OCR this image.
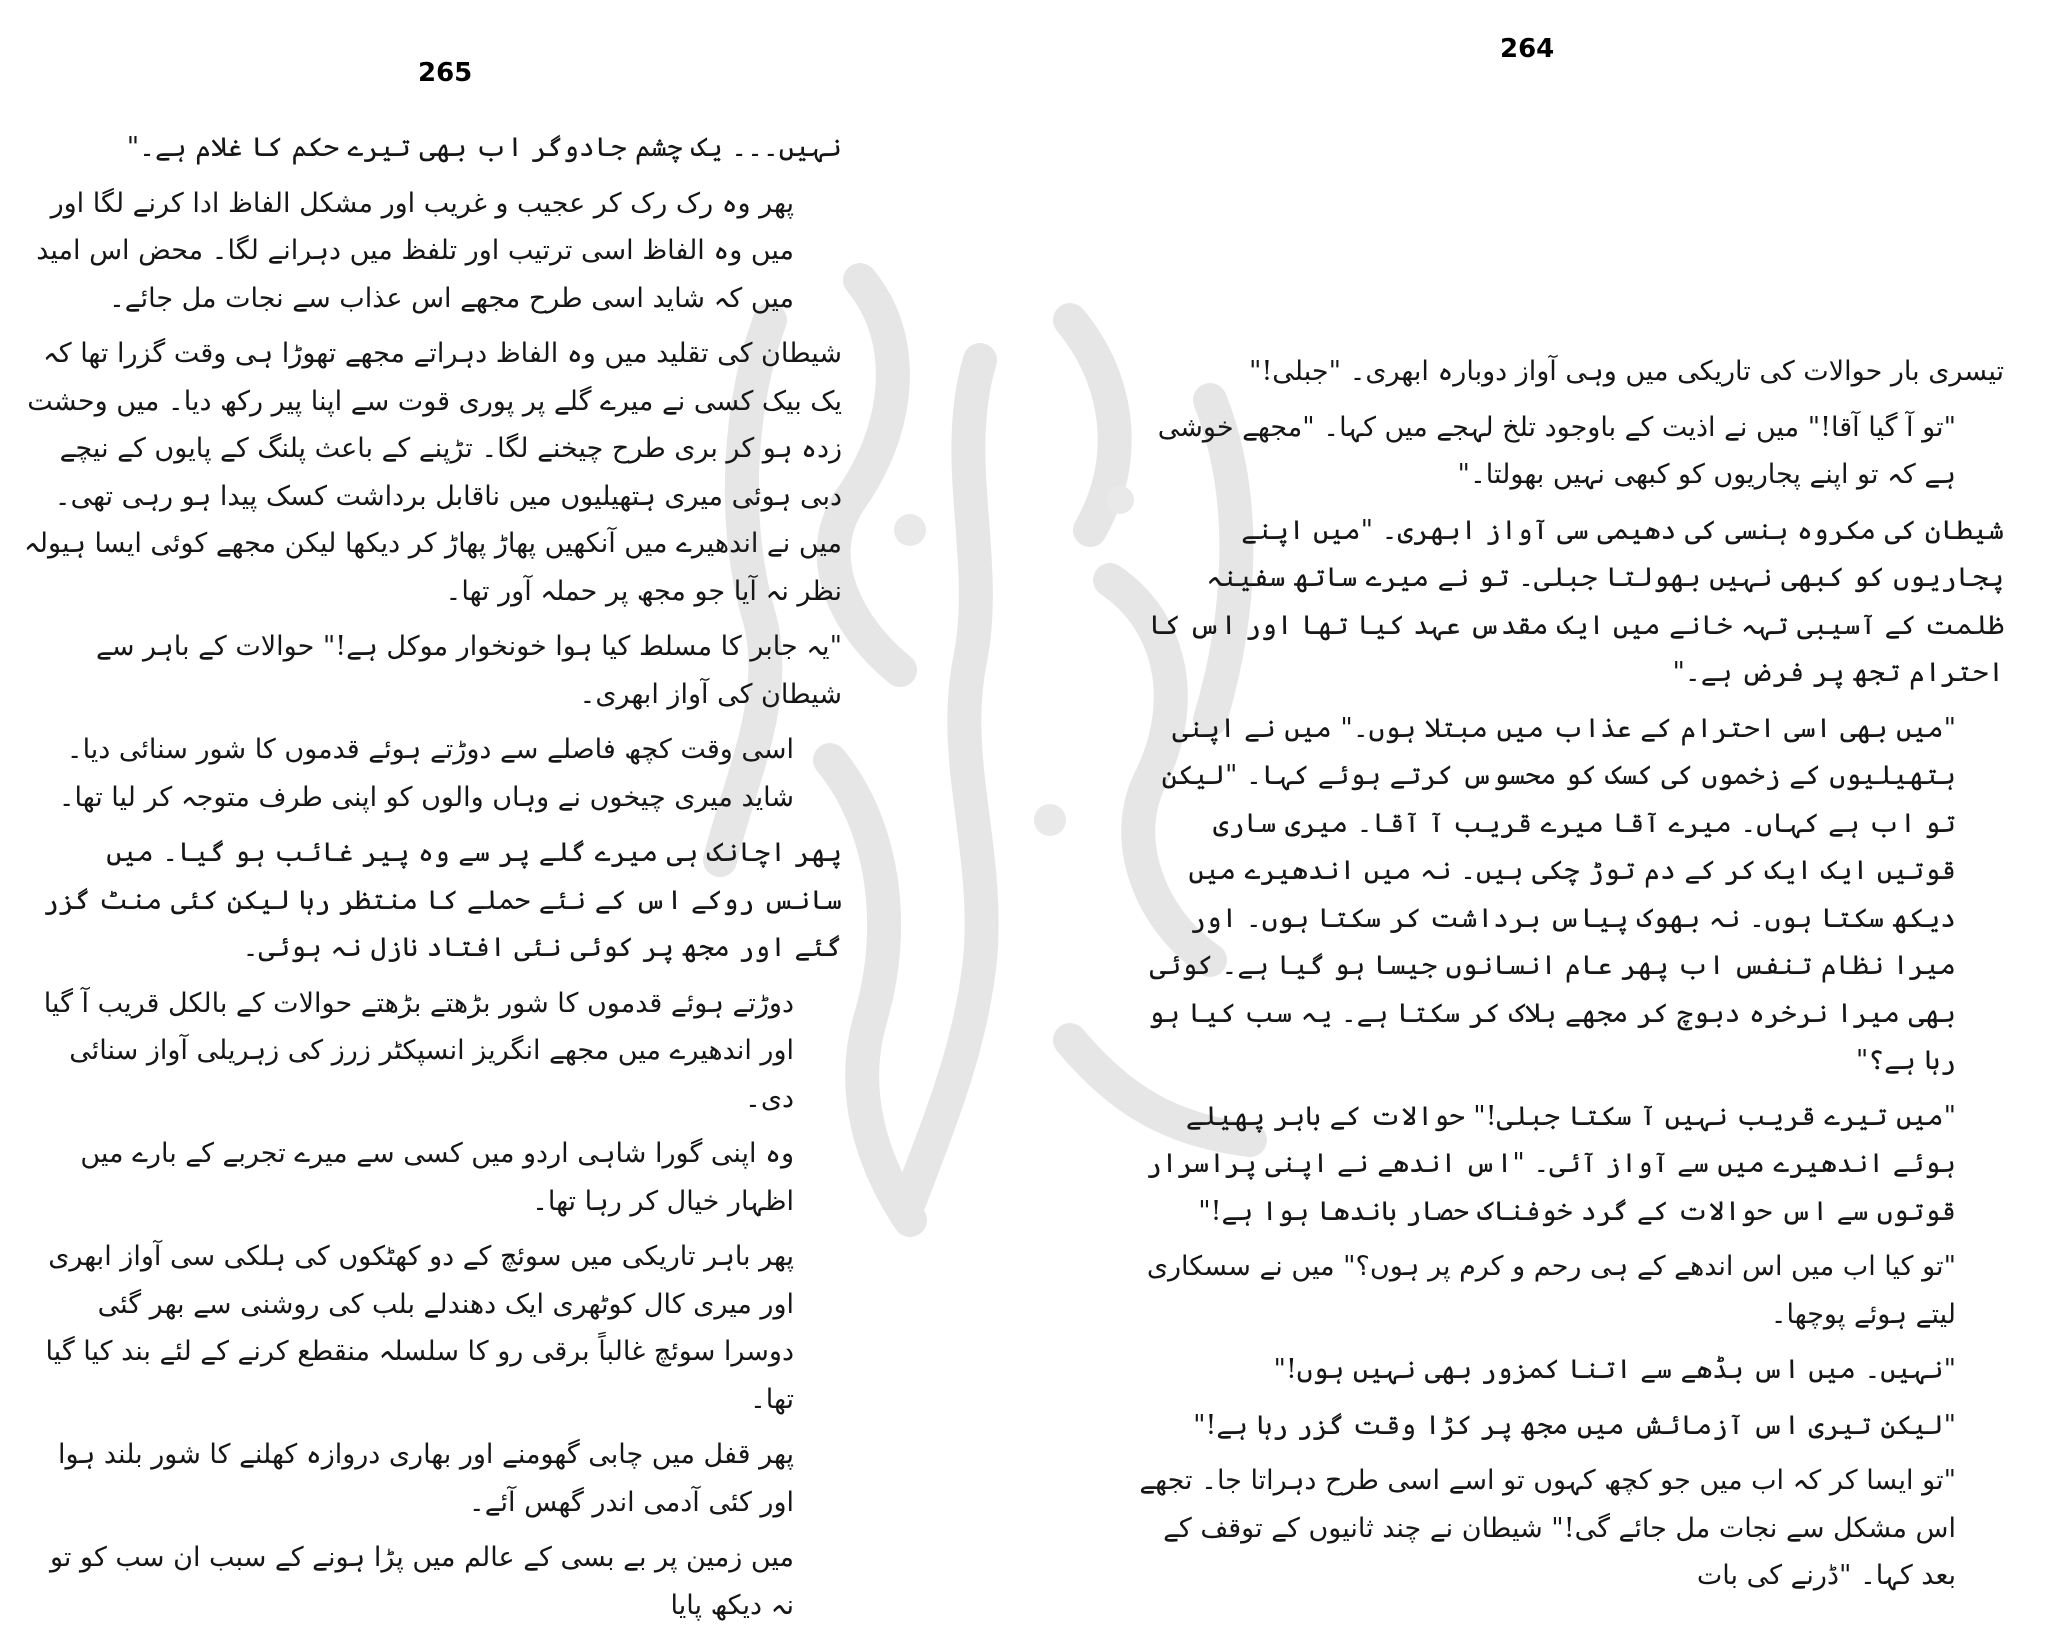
265

نہیں۔۔۔ یک چشم جادوگر اب بھی تیرے حکم کا غلام ہے۔"

پھر وہ رک رک کر عجیب و غریب اور مشکل الفاظ ادا کرنے لگا اور میں وہ الفاظ اسی ترتیب اور تلفظ میں دہرانے لگا۔ محض اس امید میں کہ شاید اسی طرح مجھے اس عذاب سے نجات مل جائے۔

شیطان کی تقلید میں وہ الفاظ دہراتے مجھے تھوڑا ہی وقت گزرا تھا کہ یک بیک کسی نے میرے گلے پر پوری قوت سے اپنا پیر رکھ دیا۔ میں وحشت زدہ ہو کر بری طرح چیخنے لگا۔ تڑپنے کے باعث پلنگ کے پایوں کے نیچے دبی ہوئی میری ہتھیلیوں میں ناقابل برداشت کسک پیدا ہو رہی تھی۔ میں نے اندھیرے میں آنکھیں پھاڑ پھاڑ کر دیکھا لیکن مجھے کوئی ایسا ہیولہ نظر نہ آیا جو مجھ پر حملہ آور تھا۔

"یہ جابر کا مسلط کیا ہوا خونخوار موکل ہے!" حوالات کے باہر سے شیطان کی آواز ابھری۔

اسی وقت کچھ فاصلے سے دوڑتے ہوئے قدموں کا شور سنائی دیا۔ شاید میری چیخوں نے وہاں والوں کو اپنی طرف متوجہ کر لیا تھا۔

پھر اچانک ہی میرے گلے پر سے وہ پیر غائب ہو گیا۔ میں سانس روکے اس کے نئے حملے کا منتظر رہا لیکن کئی منٹ گزر گئے اور مجھ پر کوئی نئی افتاد نازل نہ ہوئی۔

دوڑتے ہوئے قدموں کا شور بڑھتے بڑھتے حوالات کے بالکل قریب آ گیا اور اندھیرے میں مجھے انگریز انسپکٹر زرز کی زہریلی آواز سنائی دی۔

وہ اپنی گورا شاہی اردو میں کسی سے میرے تجربے کے بارے میں اظہار خیال کر رہا تھا۔

پھر باہر تاریکی میں سوئچ کے دو کھٹکوں کی ہلکی سی آواز ابھری اور میری کال کوٹھری ایک دھندلے بلب کی روشنی سے بھر گئی دوسرا سوئچ غالباً برقی رو کا سلسلہ منقطع کرنے کے لئے بند کیا گیا تھا۔

پھر قفل میں چابی گھومنے اور بھاری دروازہ کھلنے کا شور بلند ہوا اور کئی آدمی اندر گھس آئے۔

میں زمین پر بے بسی کے عالم میں پڑا ہونے کے سبب ان سب کو تو نہ دیکھ پایا

264

تیسری بار حوالات کی تاریکی میں وہی آواز دوبارہ ابھری۔ "جبلی!"

"تو آ گیا آقا!" میں نے اذیت کے باوجود تلخ لہجے میں کہا۔ "مجھے خوشی ہے کہ تو اپنے پجاریوں کو کبھی نہیں بھولتا۔"

شیطان کی مکروہ ہنسی کی دھیمی سی آواز ابھری۔ "میں اپنے پجاریوں کو کبھی نہیں بھولتا جبلی۔ تو نے میرے ساتھ سفینہ ظلمت کے آسیبی تہہ خانے میں ایک مقدس عہد کیا تھا اور اس کا احترام تجھ پر فرض ہے۔"

"میں بھی اسی احترام کے عذاب میں مبتلا ہوں۔" میں نے اپنی ہتھیلیوں کے زخموں کی کسک کو محسوس کرتے ہوئے کہا۔ "لیکن تو اب ہے کہاں۔ میرے آقا میرے قریب آ آقا۔ میری ساری قوتیں ایک ایک کر کے دم توڑ چکی ہیں۔ نہ میں اندھیرے میں دیکھ سکتا ہوں۔ نہ بھوک پیاس برداشت کر سکتا ہوں۔ اور میرا نظام تنفس اب پھر عام انسانوں جیسا ہو گیا ہے۔ کوئی بھی میرا نرخرہ دبوچ کر مجھے ہلاک کر سکتا ہے۔ یہ سب کیا ہو رہا ہے؟"

"میں تیرے قریب نہیں آ سکتا جبلی!" حوالات کے باہر پھیلے ہوئے اندھیرے میں سے آواز آئی۔ "اس اندھے نے اپنی پراسرار قوتوں سے اس حوالات کے گرد خوفناک حصار باندھا ہوا ہے!"

"تو کیا اب میں اس اندھے کے ہی رحم و کرم پر ہوں؟" میں نے سسکاری لیتے ہوئے پوچھا۔

"نہیں۔ میں اس بڈھے سے اتنا کمزور بھی نہیں ہوں!"

"لیکن تیری اس آزمائش میں مجھ پر کڑا وقت گزر رہا ہے!"

"تو ایسا کر کہ اب میں جو کچھ کہوں تو اسے اسی طرح دہراتا جا۔ تجھے اس مشکل سے نجات مل جائے گی!" شیطان نے چند ثانیوں کے توقف کے بعد کہا۔ "ڈرنے کی بات
